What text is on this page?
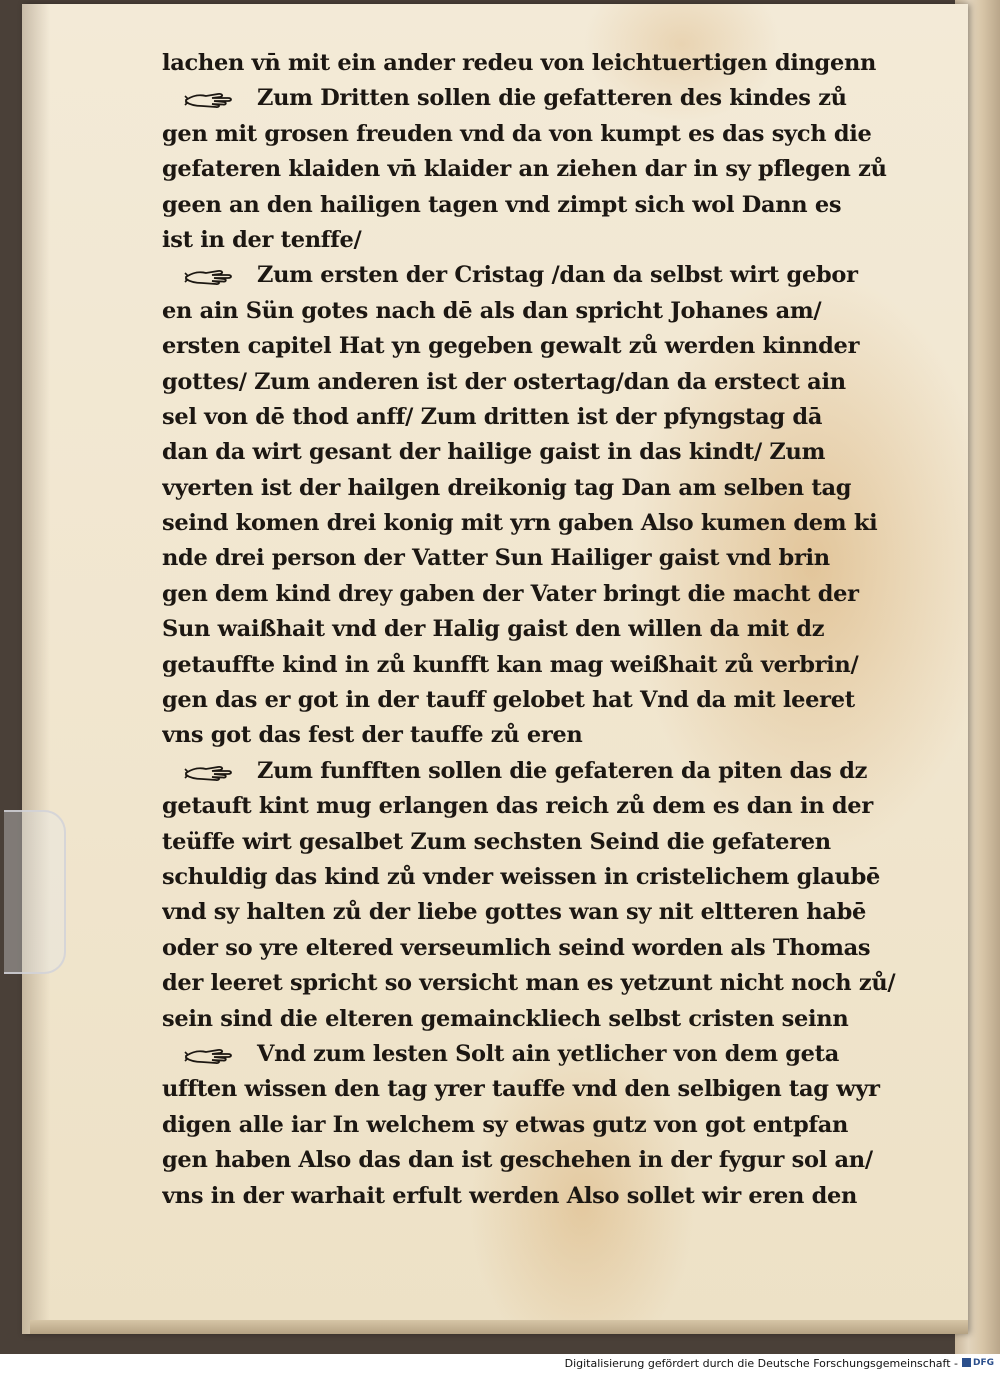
lachen vn̄ mit ein ander redeu von leichtuertigen dingenn
Zum Dritten sollen die gefatteren des kindes zů
gen mit grosen freuden vnd da von kumpt es das sych die
gefateren klaiden vn̄ klaider an ziehen dar in sy pflegen zů
geen an den hailigen tagen vnd zimpt sich wol Dann es
ist in der tenffe/
Zum ersten der Cristag /dan da selbst wirt gebor
en ain Sün gotes nach dē als dan spricht Johanes am/
ersten capitel Hat yn gegeben gewalt zů werden kinnder
gottes/ Zum anderen ist der ostertag/dan da erstect ain
sel von dē thod anff/ Zum dritten ist der pfyngstag dā
dan da wirt gesant der hailige gaist in das kindt/ Zum
vyerten ist der hailgen dreikonig tag Dan am selben tag
seind komen drei konig mit yrn gaben Also kumen dem ki
nde drei person der Vatter Sun Hailiger gaist vnd brin
gen dem kind drey gaben der Vater bringt die macht der
Sun waißhait vnd der Halig gaist den willen da mit dz
getauffte kind in zů kunfft kan mag weißhait zů verbrin/
gen das er got in der tauff gelobet hat Vnd da mit leeret
vns got das fest der tauffe zů eren
Zum funfften sollen die gefateren da piten das dz
getauft kint mug erlangen das reich zů dem es dan in der
teüffe wirt gesalbet Zum sechsten Seind die gefateren
schuldig das kind zů vnder weissen in cristelichem glaubē
vnd sy halten zů der liebe gottes wan sy nit eltteren habē
oder so yre eltered verseumlich seind worden als Thomas
der leeret spricht so versicht man es yetzunt nicht noch zů/
sein sind die elteren gemainckliech selbst cristen seinn
Vnd zum lesten Solt ain yetlicher von dem geta
ufften wissen den tag yrer tauffe vnd den selbigen tag wyr
digen alle iar In welchem sy etwas gutz von got entpfan
gen haben Also das dan ist geschehen in der fygur sol an/
vns in der warhait erfult werden Also sollet wir eren den
Digitalisierung gefördert durch die Deutsche Forschungsgemeinschaft -	DFG
